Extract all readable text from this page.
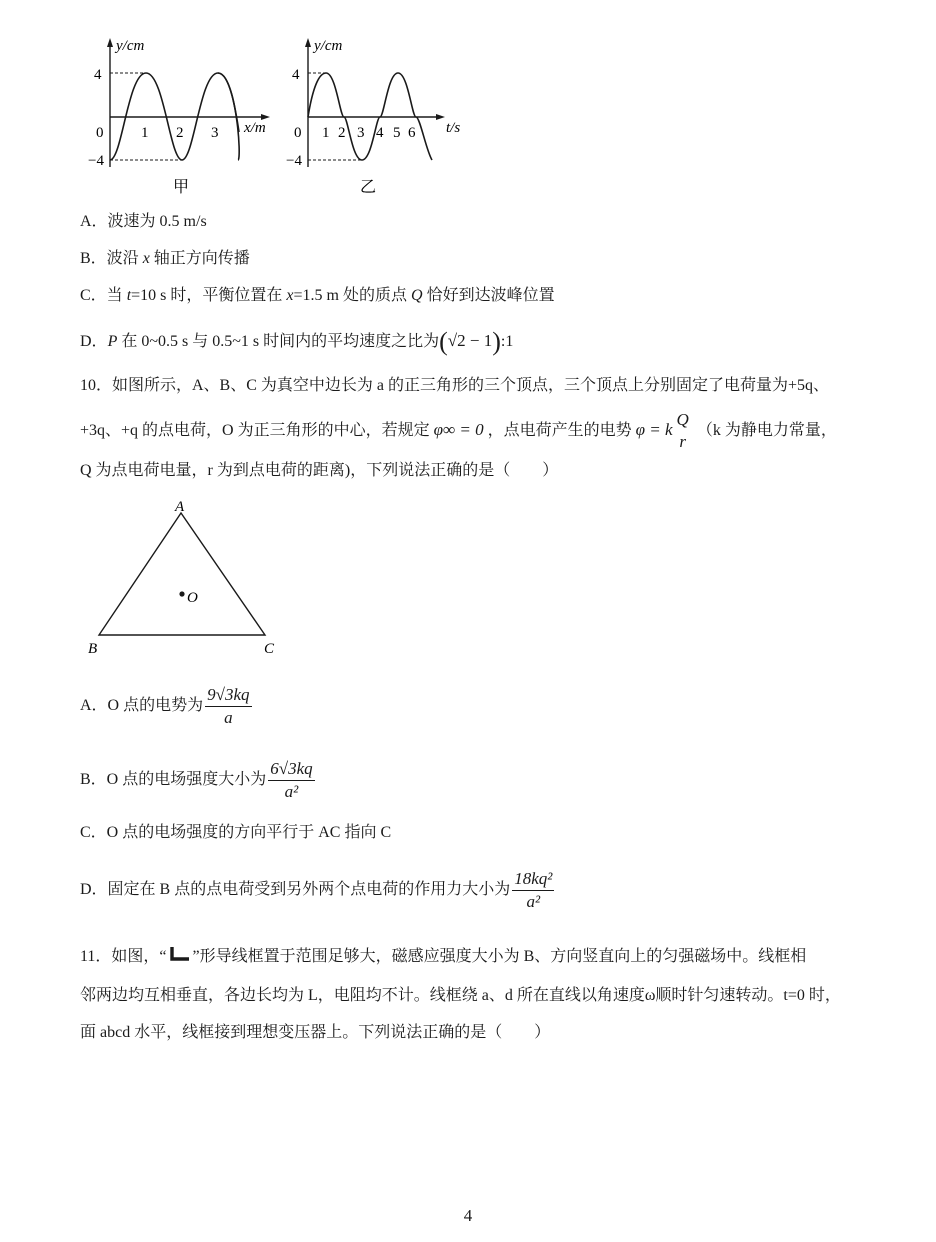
y/cm
4
−4
0	1 2 3 x/m
甲
y/cm
4
−4
0 1 2 3 4 5 6 t/s
乙
A．波速为 0.5 m/s
B．波沿 x 轴正方向传播
C．当 t=10 s 时，平衡位置在 x=1.5 m 处的质点 Q 恰好到达波峰位置
D．P 在 0~0.5 s 与 0.5~1 s 时间内的平均速度之比为(√2 − 1):1
10．如图所示，A、B、C 为真空中边长为 a 的正三角形的三个顶点，三个顶点上分别固定了电荷量为+5q、
+3q、+q 的点电荷，O 为正三角形的中心，若规定 φ∞ = 0 ，点电荷产生的电势 φ = k
Q
r
（k 为静电力常量，
Q 为点电荷电量，r 为到点电荷的距离)，下列说法正确的是（　　）
A
B	C
O
A．O 点的电势为 $\frac{9√3kq}{a}$
B．O 点的电场强度大小为 $\frac{6√3kq}{\text{a²}}$
C．O 点的电场强度的方向平行于 AC 指向 C
D．固定在 B 点的点电荷受到另外两个点电荷的作用力大小为 $\frac{\text{18kq²}}{\text{a²}}$
11．如图，“ ”形导线框置于范围足够大，磁感应强度大小为 B、方向竖直向上的匀强磁场中。线框相
邻两边均互相垂直，各边长均为 L，电阻均不计。线框绕 a、d 所在直线以角速度ω顺时针匀速转动。t=0 时，
面 abcd 水平，线框接到理想变压器上。下列说法正确的是（　　）
4
